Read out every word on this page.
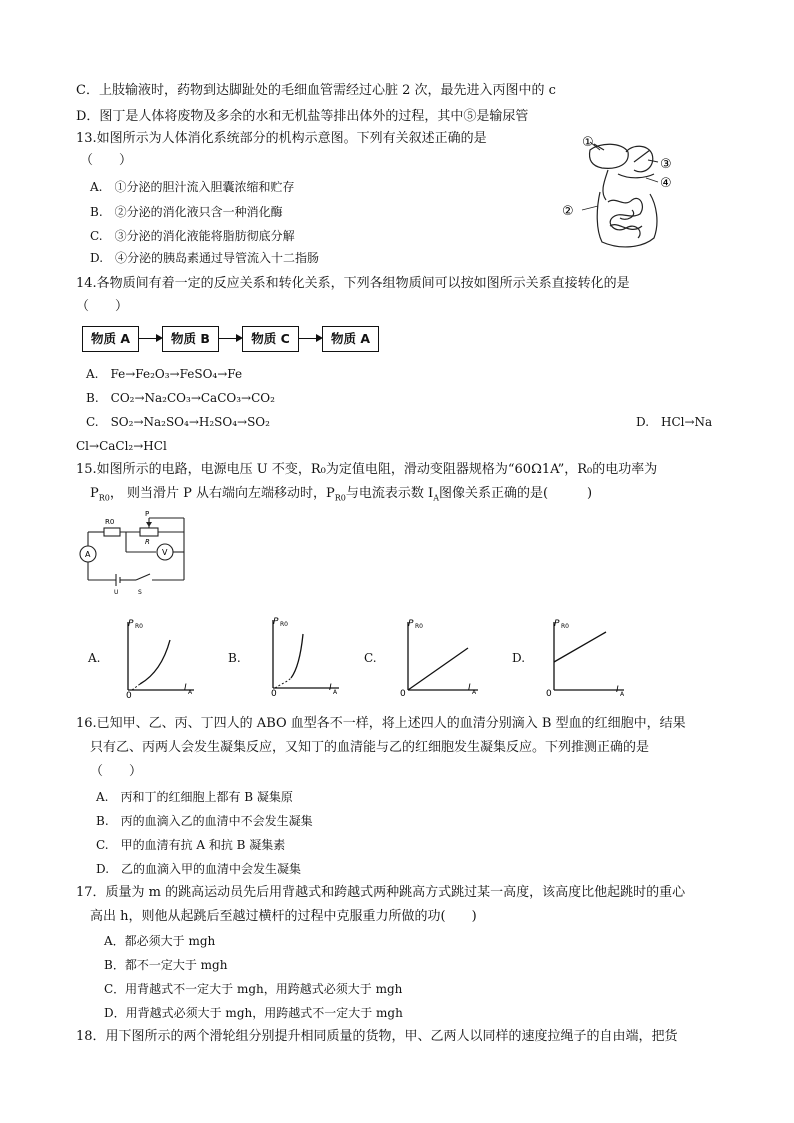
C．上肢输液时，药物到达脚趾处的毛细血管需经过心脏 2 次，最先进入丙图中的 c
D．图丁是人体将废物及多余的水和无机盐等排出体外的过程，其中⑤是输尿管
13.如图所示为人体消化系统部分的机构示意图。下列有关叙述正确的是
（　　）
A.　①分泌的胆汁流入胆囊浓缩和贮存
B.　②分泌的消化液只含一种消化酶
C.　③分泌的消化液能将脂肪彻底分解
D.　④分泌的胰岛素通过导管流入十二指肠
①
③
④
②
14.各物质间有着一定的反应关系和转化关系，下列各组物质间可以按如图所示关系直接转化的是
（　　）
物质 A	物质 B	物质 C	物质 A
A.　Fe→Fe₂O₃→FeSO₄→Fe
B.　CO₂→Na₂CO₃→CaCO₃→CO₂
C.　SO₂→Na₂SO₄→H₂SO₄→SO₂	D.　HCl→Na
Cl→CaCl₂→HCl
15.如图所示的电路，电源电压 U 不变，R₀为定值电阻，滑动变阻器规格为“60Ω1A”，R₀的电功率为
$P_{R0}$， 则当滑片 P 从右端向左端移动时，$P_{R0}$与电流表示数 $I_A$图像关系正确的是(　　　)
R0
P
R
A	V
U	S
A.	B.	C.	D.
0
P R0
I A	0
P R0
I A	0
P R0
I A	0
P R0
I A
16.已知甲、乙、丙、丁四人的 ABO 血型各不一样，将上述四人的血清分别滴入 B 型血的红细胞中，结果
只有乙、丙两人会发生凝集反应，又知丁的血清能与乙的红细胞发生凝集反应。下列推测正确的是
（　　）
A.　丙和丁的红细胞上都有 B 凝集原
B.　丙的血滴入乙的血清中不会发生凝集
C.　甲的血清有抗 A 和抗 B 凝集素
D.　乙的血滴入甲的血清中会发生凝集
17．质量为 m 的跳高运动员先后用背越式和跨越式两种跳高方式跳过某一高度，该高度比他起跳时的重心
高出 h，则他从起跳后至越过横杆的过程中克服重力所做的功(　　)
A．都必须大于 mgh
B．都不一定大于 mgh
C．用背越式不一定大于 mgh，用跨越式必须大于 mgh
D．用背越式必须大于 mgh，用跨越式不一定大于 mgh
18．用下图所示的两个滑轮组分别提升相同质量的货物，甲、乙两人以同样的速度拉绳子的自由端，把货
